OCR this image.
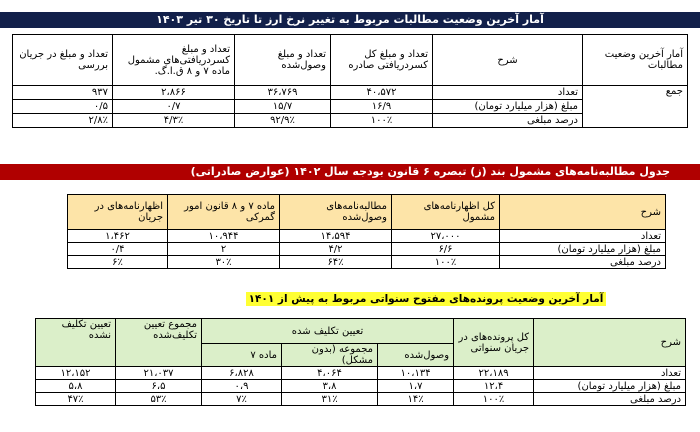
آمار آخرین وضعیت مطالبات مربوط به تغییر نرخ ارز تا تاریخ ۳۰ تیر ۱۴۰۳
آمار آخرین وضعیت مطالبات	شرح	تعداد و مبلغ کل کسردریافتی صادره	تعداد و مبلغ وصول‌شده	تعداد و مبلغ کسردریافتی‌های مشمول ماده ۷ و ۸ ق.ا.گ.	تعداد و مبلغ در جریان بررسی
جمع	تعداد	۴۰،۵۷۲	۳۶،۷۶۹	۲،۸۶۶	۹۳۷
	مبلغ (هزار میلیارد تومان)	۱۶/۹	۱۵/۷	۰/۷	۰/۵
	درصد مبلغی	۱۰۰٪	۹۲/۹٪	۴/۳٪	۲/۸٪
جدول مطالبه‌نامه‌های مشمول بند (ز) تبصره ۶ قانون بودجه سال ۱۴۰۲ (عوارض صادراتی)
شرح	کل اظهارنامه‌های مشمول	مطالبه‌نامه‌های وصول‌شده	ماده ۷ و ۸ قانون امور گمرکی	اظهارنامه‌های در جریان
تعداد	۲۷،۰۰۰	۱۴،۵۹۴	۱۰،۹۴۴	۱،۴۶۲
مبلغ (هزار میلیارد تومان)	۶/۶	۴/۲	۲	۰/۴
درصد مبلغی	۱۰۰٪	۶۴٪	۳۰٪	۶٪
آمار آخرین وضعیت پرونده‌های مفتوح سنواتی مربوط به پیش از ۱۴۰۱
شرح	کل پرونده‌های در جریان سنواتی	تعیین تکلیف شده			مجموع تعیین تکلیف‌شده	تعیین تکلیف نشده
		وصول‌شده	مجموعه (بدون مشکل)	ماده ۷		
تعداد	۲۲،۱۸۹	۱۰،۱۳۴	۴،۰۶۴	۶،۸۲۸	۲۱،۰۳۷	۱۲،۱۵۲
مبلغ (هزار میلیارد تومان)	۱۲،۴	۱،۷	۳،۸	۰،۹	۶،۵	۵،۸
درصد مبلغی	۱۰۰٪	۱۴٪	۳۱٪	۷٪	۵۳٪	۴۷٪
